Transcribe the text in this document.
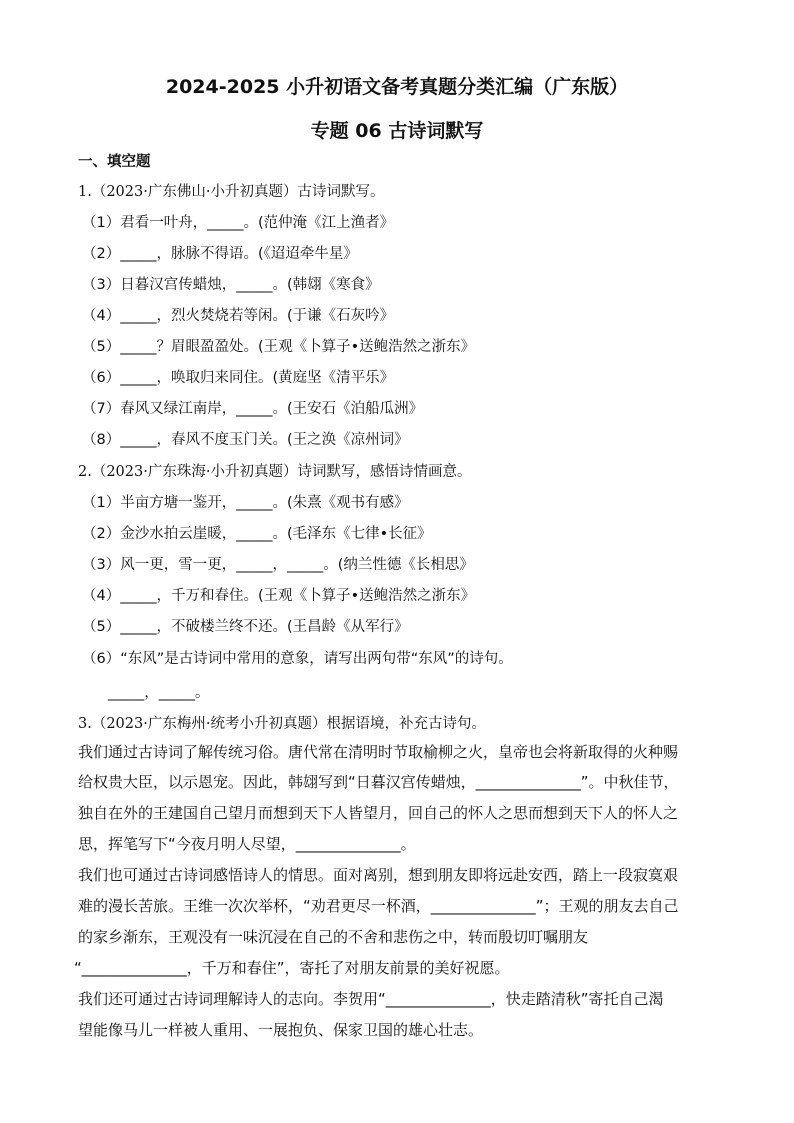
2024-2025 小升初语文备考真题分类汇编（广东版）
专题 06 古诗词默写
一、填空题
1.（2023·广东佛山·小升初真题）古诗词默写。
（1）君看一叶舟，_____。(范仲淹《江上渔者》
（2）_____，脉脉不得语。(《迢迢牵牛星》
（3）日暮汉宫传蜡烛，_____。(韩翃《寒食》
（4）_____，烈火焚烧若等闲。(于谦《石灰吟》
（5）_____？眉眼盈盈处。(王观《卜算子•送鲍浩然之浙东》
（6）_____，唤取归来同住。(黄庭坚《清平乐》
（7）春风又绿江南岸，_____。(王安石《泊船瓜洲》
（8）_____，春风不度玉门关。(王之涣《凉州词》
2.（2023·广东珠海·小升初真题）诗词默写，感悟诗情画意。
（1）半亩方塘一鉴开，_____。(朱熹《观书有感》
（2）金沙水拍云崖暖，_____。(毛泽东《七律•长征》
（3）风一更，雪一更，_____，_____。(纳兰性德《长相思》
（4）_____，千万和春住。(王观《卜算子•送鲍浩然之浙东》
（5）_____，不破楼兰终不还。(王昌龄《从军行》
（6）“东风”是古诗词中常用的意象，请写出两句带“东风”的诗句。
_____，_____。
3.（2023·广东梅州·统考小升初真题）根据语境，补充古诗句。
我们通过古诗词了解传统习俗。唐代常在清明时节取榆柳之火，皇帝也会将新取得的火种赐
给权贵大臣，以示恩宠。因此，韩翃写到“日暮汉宫传蜡烛，______________”。中秋佳节，
独自在外的王建国自己望月而想到天下人皆望月，回自己的怀人之思而想到天下人的怀人之
思，挥笔写下“今夜月明人尽望，______________。
我们也可通过古诗词感悟诗人的情思。面对离别，想到朋友即将远赴安西，踏上一段寂寞艰
难的漫长苦旅。王维一次次举杯，“劝君更尽一杯酒，______________”；王观的朋友去自己
的家乡渐东，王观没有一味沉浸在自己的不舍和悲伤之中，转而殷切叮嘱朋友
“______________，千万和春住”，寄托了对朋友前景的美好祝愿。
我们还可通过古诗词理解诗人的志向。李贺用“______________，快走踏清秋”寄托自己渴
望能像马儿一样被人重用、一展抱负、保家卫国的雄心壮志。
